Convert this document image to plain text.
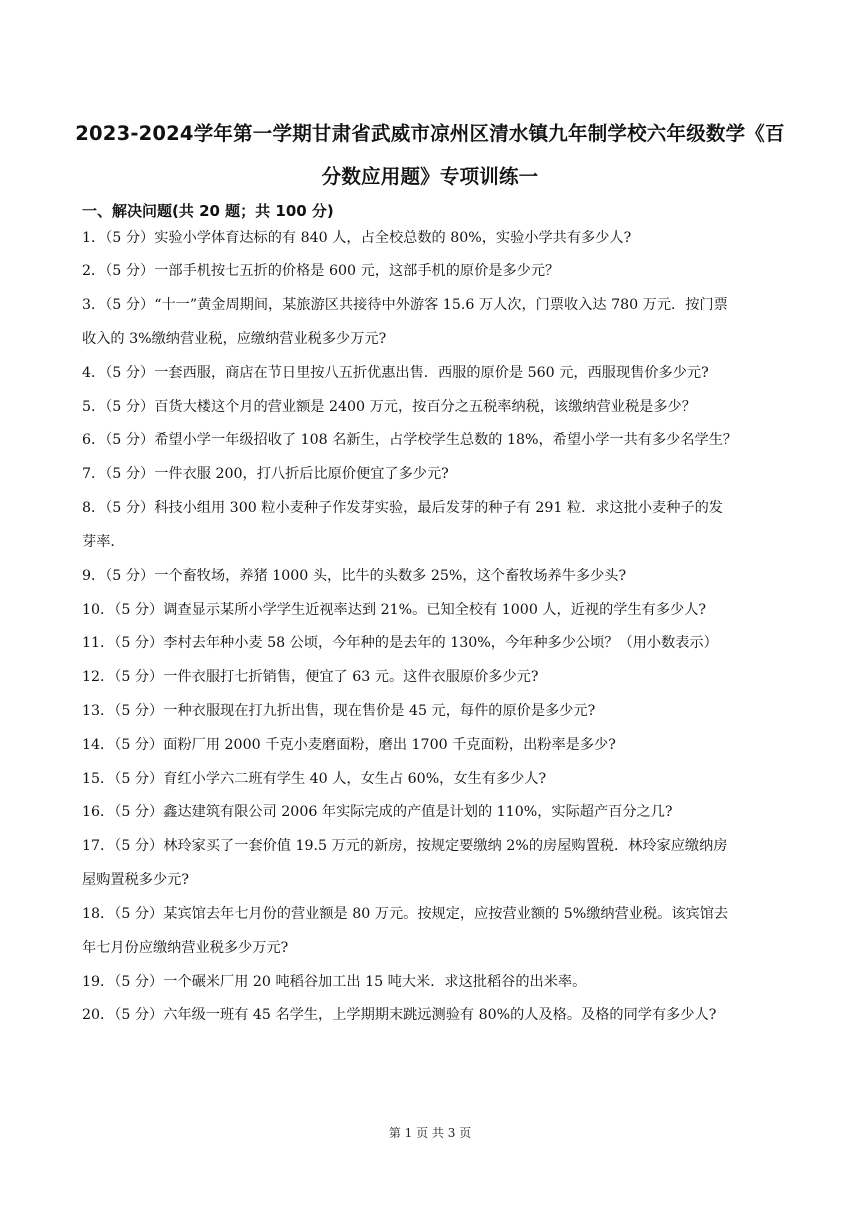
2023-2024学年第一学期甘肃省武威市凉州区清水镇九年制学校六年级数学《百
分数应用题》专项训练一
一、解决问题(共 20 题；共 100 分)
1．（5 分）实验小学体育达标的有 840 人，占全校总数的 80%，实验小学共有多少人?
2．（5 分）一部手机按七五折的价格是 600 元，这部手机的原价是多少元？
3．（5 分）“十一”黄金周期间，某旅游区共接待中外游客 15.6 万人次，门票收入达 780 万元．按门票
收入的 3%缴纳营业税，应缴纳营业税多少万元?
4．（5 分）一套西服，商店在节日里按八五折优惠出售．西服的原价是 560 元，西服现售价多少元?
5．（5 分）百货大楼这个月的营业额是 2400 万元，按百分之五税率纳税，该缴纳营业税是多少？
6．（5 分）希望小学一年级招收了 108 名新生，占学校学生总数的 18%，希望小学一共有多少名学生？
7．（5 分）一件衣服 200，打八折后比原价便宜了多少元?
8．（5 分）科技小组用 300 粒小麦种子作发芽实验，最后发芽的种子有 291 粒．求这批小麦种子的发
芽率．
9．（5 分）一个畜牧场，养猪 1000 头，比牛的头数多 25%，这个畜牧场养牛多少头?
10．（5 分）调查显示某所小学学生近视率达到 21%。已知全校有 1000 人，近视的学生有多少人?
11．（5 分）李村去年种小麦 58 公顷，今年种的是去年的 130%，今年种多少公顷？（用小数表示）
12．（5 分）一件衣服打七折销售，便宜了 63 元。这件衣服原价多少元?
13．（5 分）一种衣服现在打九折出售，现在售价是 45 元，每件的原价是多少元?
14．（5 分）面粉厂用 2000 千克小麦磨面粉，磨出 1700 千克面粉，出粉率是多少?
15．（5 分）育红小学六二班有学生 40 人，女生占 60%，女生有多少人?
16．（5 分）鑫达建筑有限公司 2006 年实际完成的产值是计划的 110%，实际超产百分之几?
17．（5 分）林玲家买了一套价值 19.5 万元的新房，按规定要缴纳 2%的房屋购置税．林玲家应缴纳房
屋购置税多少元?
18．（5 分）某宾馆去年七月份的营业额是 80 万元。按规定，应按营业额的 5%缴纳营业税。该宾馆去
年七月份应缴纳营业税多少万元?
19．（5 分）一个碾米厂用 20 吨稻谷加工出 15 吨大米．求这批稻谷的出米率。
20．（5 分）六年级一班有 45 名学生，上学期期末跳远测验有 80%的人及格。及格的同学有多少人?
第 1 页 共 3 页
